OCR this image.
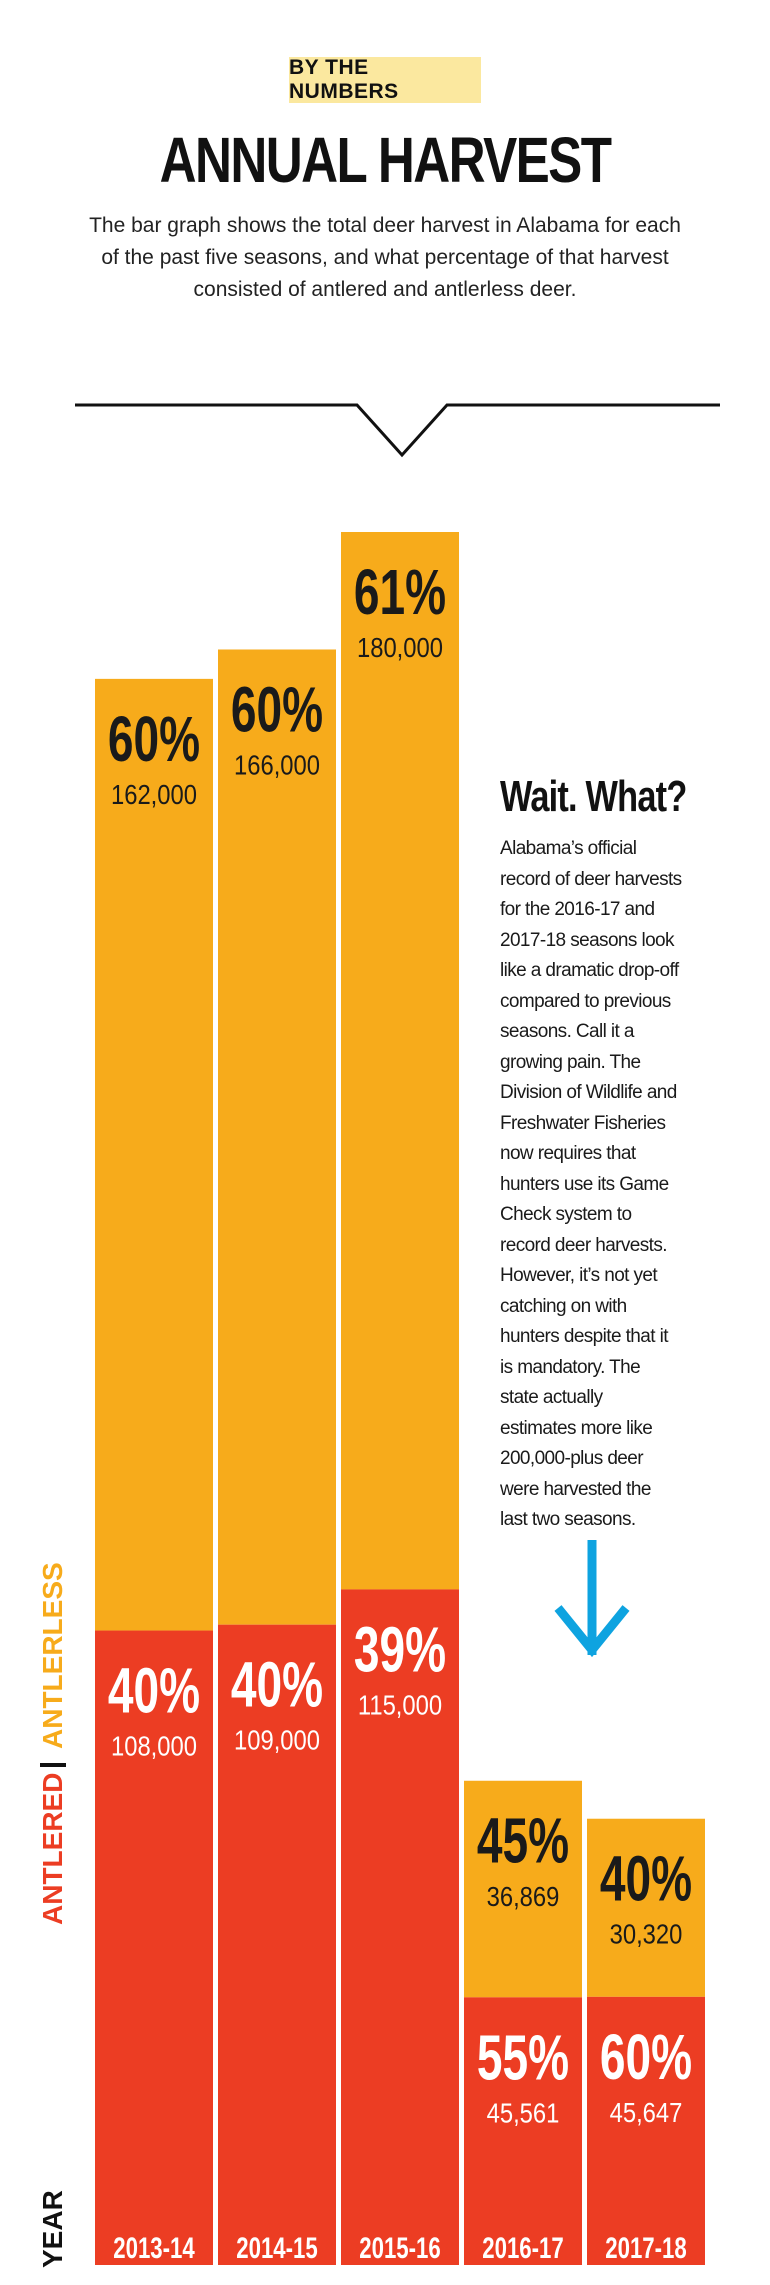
BY THE NUMBERS
ANNUAL HARVEST
The bar graph shows the total deer harvest in Alabama for each of the past five seasons, and what percentage of that harvest consisted of antlered and antlerless deer.
60%
162,000
40%
108,000
2013-14
60%
166,000
40%
109,000
2014-15
61%
180,000
39%
115,000
2015-16
45%
36,869
55%
45,561
2016-17
40%
30,320
60%
45,647
2017-18
ANTLERED
ANTLERLESS
YEAR
Wait. What?
Alabama’s official record of deer harvests for the 2016-17 and 2017-18 seasons look like a dramatic drop-off compared to previous seasons. Call it a growing pain. The Division of Wildlife and Freshwater Fisheries now requires that hunters use its Game Check system to record deer harvests. However, it’s not yet catching on with hunters despite that it is mandatory. The state actually estimates more like 200,000-plus deer were harvested the last two seasons.
